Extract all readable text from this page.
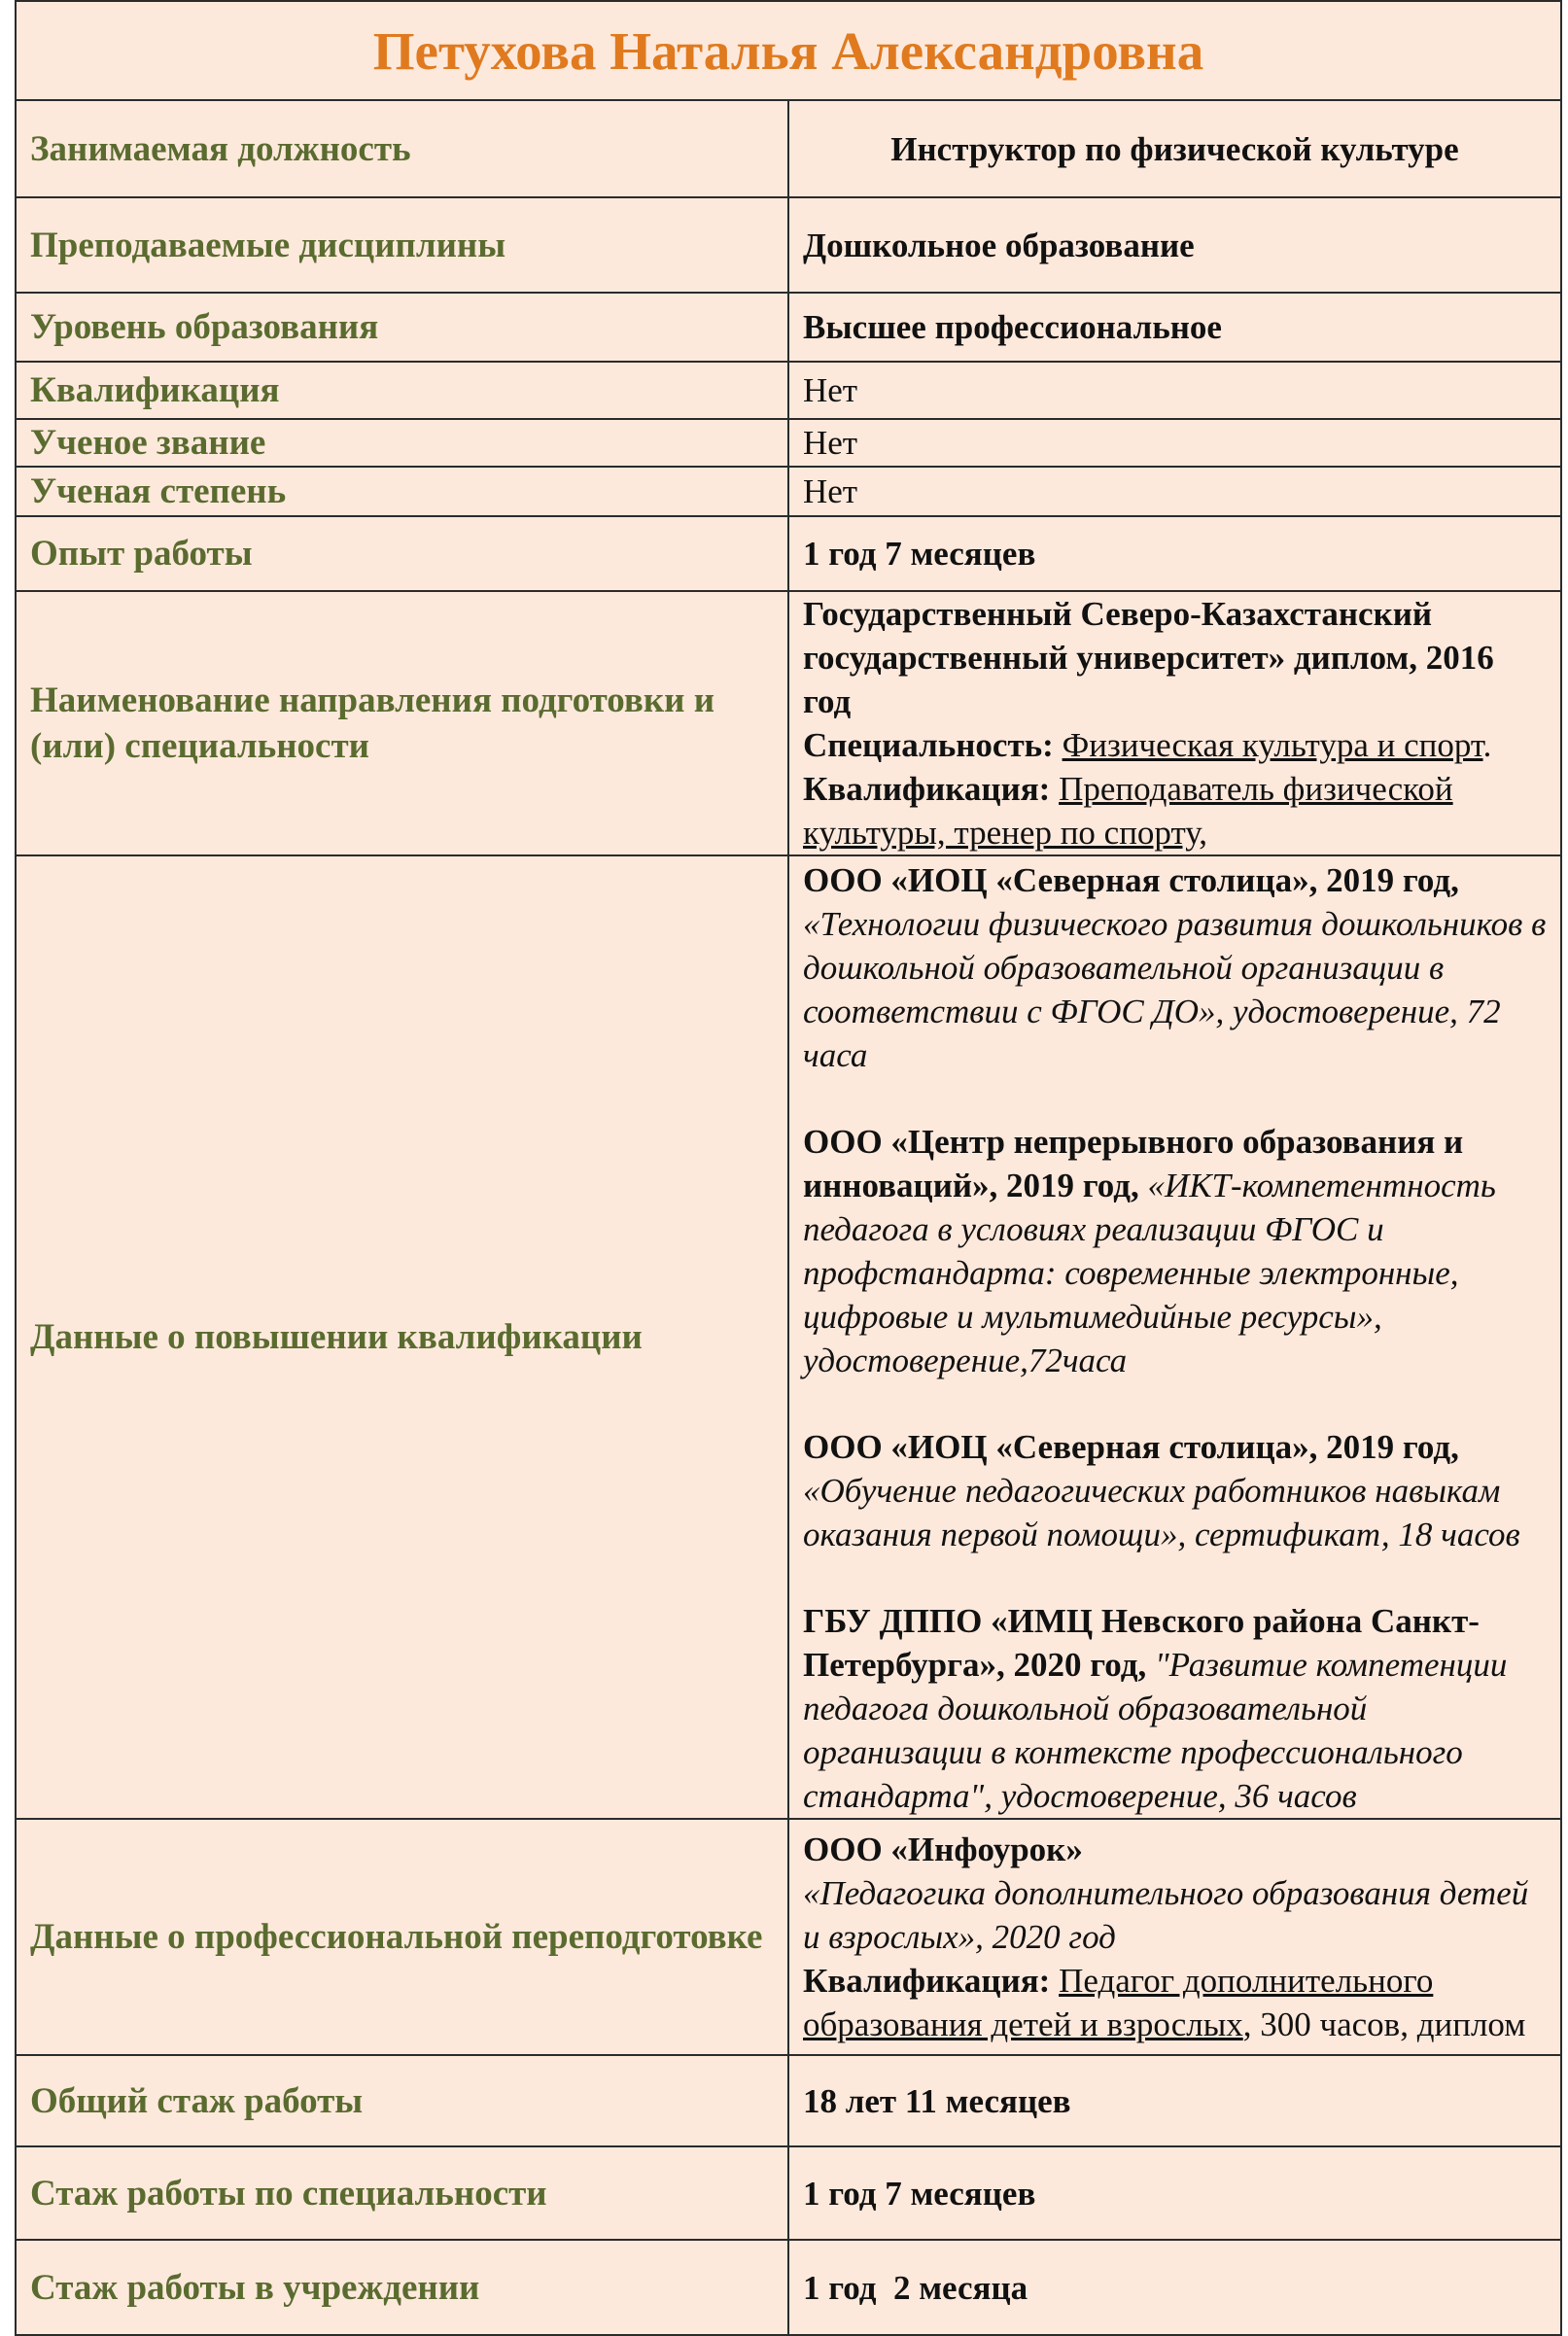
Петухова Наталья Александровна	
Занимаемая должность	Инструктор по физической культуре
Преподаваемые дисциплины	Дошкольное образование
Уровень образования	Высшее профессиональное
Квалификация	Нет
Ученое звание	Нет
Ученая степень	Нет
Опыт работы	1 год 7 месяцев
Наименование направления подготовки и (или) специальности	Государственный Северо-Казахстанский государственный университет» диплом, 2016 год
Специальность: Физическая культура и спорт.
Квалификация: Преподаватель физической культуры, тренер по спорту,

Данные о повышении квалификации	ООО «ИОЦ «Северная столица», 2019 год, «Технологии физического развития дошкольников в дошкольной образовательной организации в соответствии с ФГОС ДО», удостоверение, 72 часа
ООО «Центр непрерывного образования и инноваций», 2019 год, «ИКТ-компетентность педагога в условиях реализации ФГОС и профстандарта: современные электронные, цифровые и мультимедийные ресурсы», удостоверение,72часа
ООО «ИОЦ «Северная столица», 2019 год, «Обучение педагогических работников навыкам оказания первой помощи», сертификат, 18 часов
ГБУ ДППО «ИМЦ Невского района Санкт-Петербурга», 2020 год, "Развитие компетенции педагога дошкольной образовательной организации в контексте профессионального стандарта", удостоверение, 36 часов

Данные о профессиональной переподготовке	ООО «Инфоурок»
«Педагогика дополнительного образования детей и взрослых», 2020 год
Квалификация: Педагог дополнительного образования детей и взрослых, 300 часов, диплом

Общий стаж работы	18 лет 11 месяцев
Стаж работы по специальности	1 год 7 месяцев
Стаж работы в учреждении	1 год  2 месяца
